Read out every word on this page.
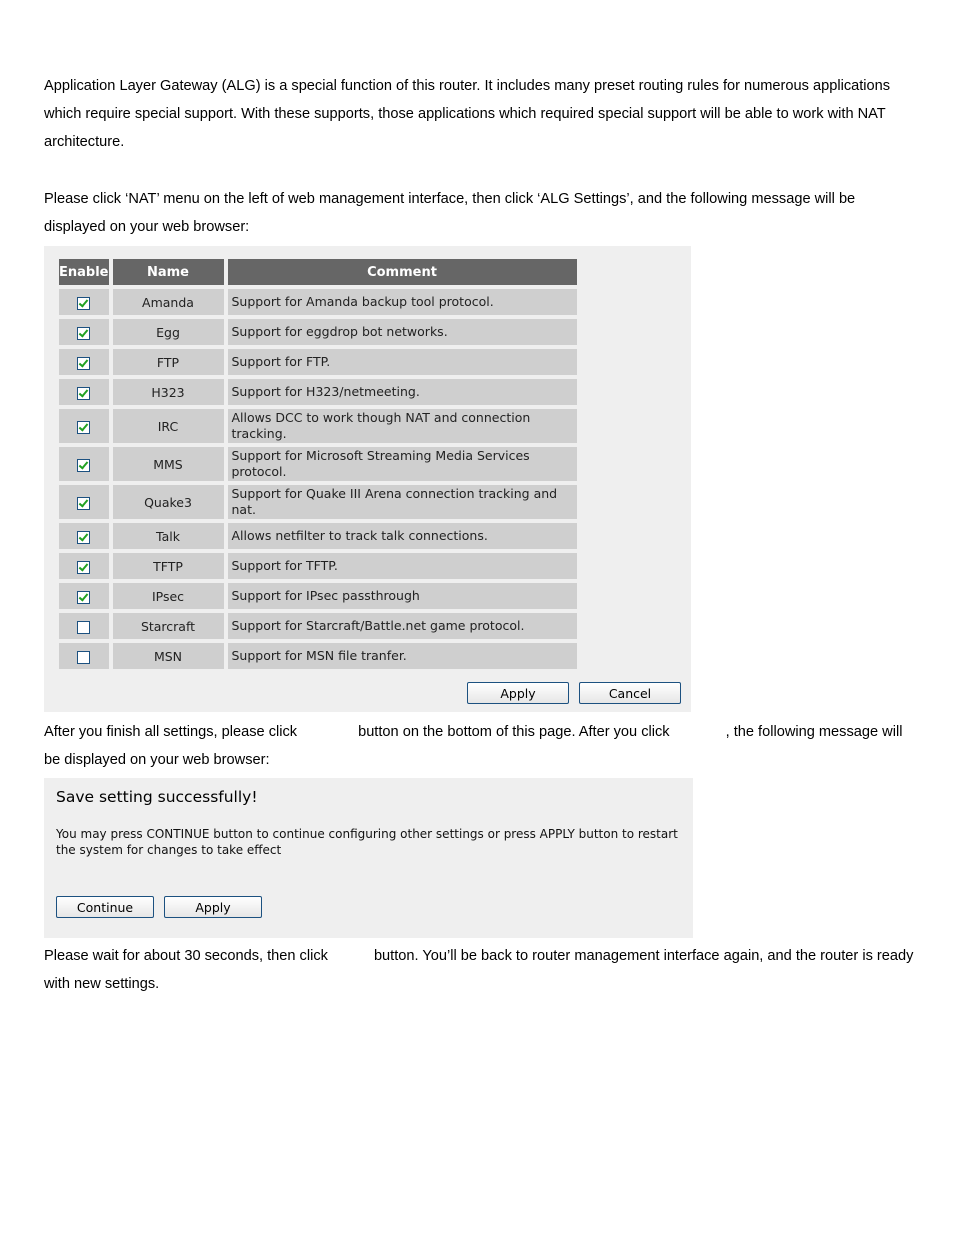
Application Layer Gateway (ALG) is a special function of this router. It includes many preset routing rules for numerous applications which require special support. With these supports, those applications which required special support will be able to work with NAT architecture.

Please click ‘NAT’ menu on the left of web management interface, then click ‘ALG Settings’, and the following message will be displayed on your web browser:

Enable	Name	Comment
	Amanda	Support for Amanda backup tool protocol.
	Egg	Support for eggdrop bot networks.
	FTP	Support for FTP.
	H323	Support for H323/netmeeting.
	IRC	Allows DCC to work though NAT and connection tracking.
	MMS	Support for Microsoft Streaming Media Services protocol.
	Quake3	Support for Quake III Arena connection tracking and nat.
	Talk	Allows netfilter to track talk connections.
	TFTP	Support for TFTP.
	IPsec	Support for IPsec passthrough
	Starcraft	Support for Starcraft/Battle.net game protocol.
	MSN	Support for MSN file tranfer.
Apply	Cancel

After you finish all settings, please click	button on the bottom of this page. After you click	, the following message will be displayed on your web browser:

Save setting successfully!
You may press CONTINUE button to continue configuring other settings or press APPLY button to restart the system for changes to take effect
Continue	Apply

Please wait for about 30 seconds, then click	button. You’ll be back to router management interface again, and the router is ready with new settings.
